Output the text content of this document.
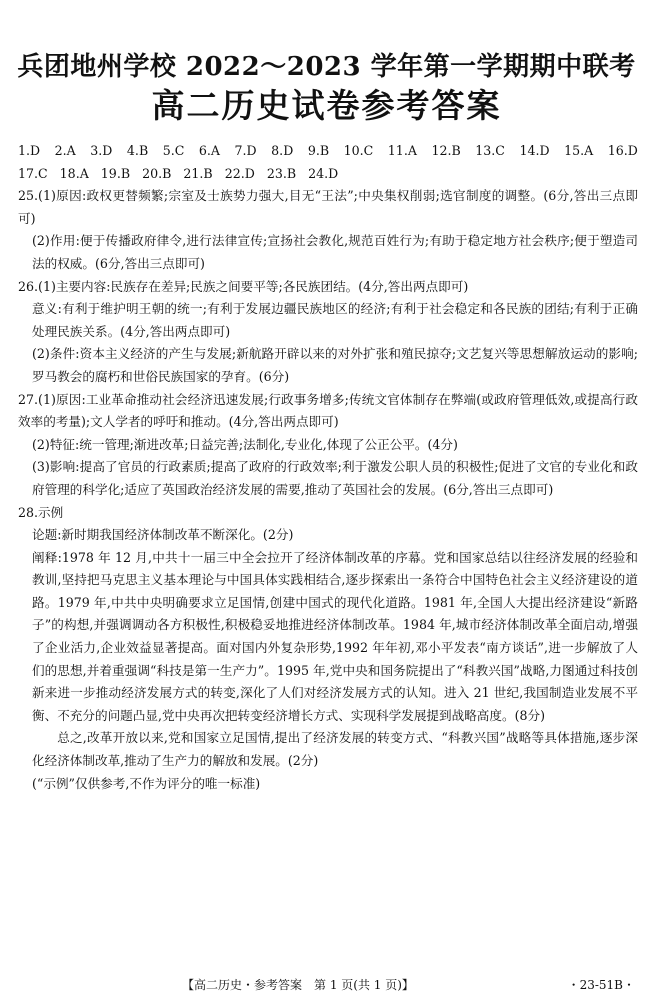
兵团地州学校 2022～2023 学年第一学期期中联考
高二历史试卷参考答案
1.D 2.A 3.D 4.B 5.C 6.A 7.D 8.D 9.B 10.C 11.A 12.B 13.C 14.D 15.A 16.D
17.C 18.A 19.B 20.B 21.B 22.D 23.B 24.D
25.(1)原因:政权更替频繁;宗室及士族势力强大,目无“王法”;中央集权削弱;选官制度的调整。(6分,答出三点即可)
(2)作用:便于传播政府律令,进行法律宣传;宣扬社会教化,规范百姓行为;有助于稳定地方社会秩序;便于塑造司法的权威。(6分,答出三点即可)
26.(1)主要内容:民族存在差异;民族之间要平等;各民族团结。(4分,答出两点即可)
意义:有利于维护明王朝的统一;有利于发展边疆民族地区的经济;有利于社会稳定和各民族的团结;有利于正确处理民族关系。(4分,答出两点即可)
(2)条件:资本主义经济的产生与发展;新航路开辟以来的对外扩张和殖民掠夺;文艺复兴等思想解放运动的影响;罗马教会的腐朽和世俗民族国家的孕育。(6分)
27.(1)原因:工业革命推动社会经济迅速发展;行政事务增多;传统文官体制存在弊端(或政府管理低效,或提高行政效率的考量);文人学者的呼吁和推动。(4分,答出两点即可)
(2)特征:统一管理;渐进改革;日益完善;法制化,专业化,体现了公正公平。(4分)
(3)影响:提高了官员的行政素质;提高了政府的行政效率;利于激发公职人员的积极性;促进了文官的专业化和政府管理的科学化;适应了英国政治经济发展的需要,推动了英国社会的发展。(6分,答出三点即可)
28.示例
论题:新时期我国经济体制改革不断深化。(2分)
阐释:1978 年 12 月,中共十一届三中全会拉开了经济体制改革的序幕。党和国家总结以往经济发展的经验和教训,坚持把马克思主义基本理论与中国具体实践相结合,逐步探索出一条符合中国特色社会主义经济建设的道路。1979 年,中共中央明确要求立足国情,创建中国式的现代化道路。1981 年,全国人大提出经济建设“新路子”的构想,并强调调动各方积极性,积极稳妥地推进经济体制改革。1984 年,城市经济体制改革全面启动,增强了企业活力,企业效益显著提高。面对国内外复杂形势,1992 年年初,邓小平发表“南方谈话”,进一步解放了人们的思想,并着重强调“科技是第一生产力”。1995 年,党中央和国务院提出了“科教兴国”战略,力图通过科技创新来进一步推动经济发展方式的转变,深化了人们对经济发展方式的认知。进入 21 世纪,我国制造业发展不平衡、不充分的问题凸显,党中央再次把转变经济增长方式、实现科学发展提到战略高度。(8分)
总之,改革开放以来,党和国家立足国情,提出了经济发展的转变方式、“科教兴国”战略等具体措施,逐步深化经济体制改革,推动了生产力的解放和发展。(2分)
(“示例”仅供参考,不作为评分的唯一标准)
【高二历史・参考答案　第 1 页(共 1 页)】	・23-51B・
